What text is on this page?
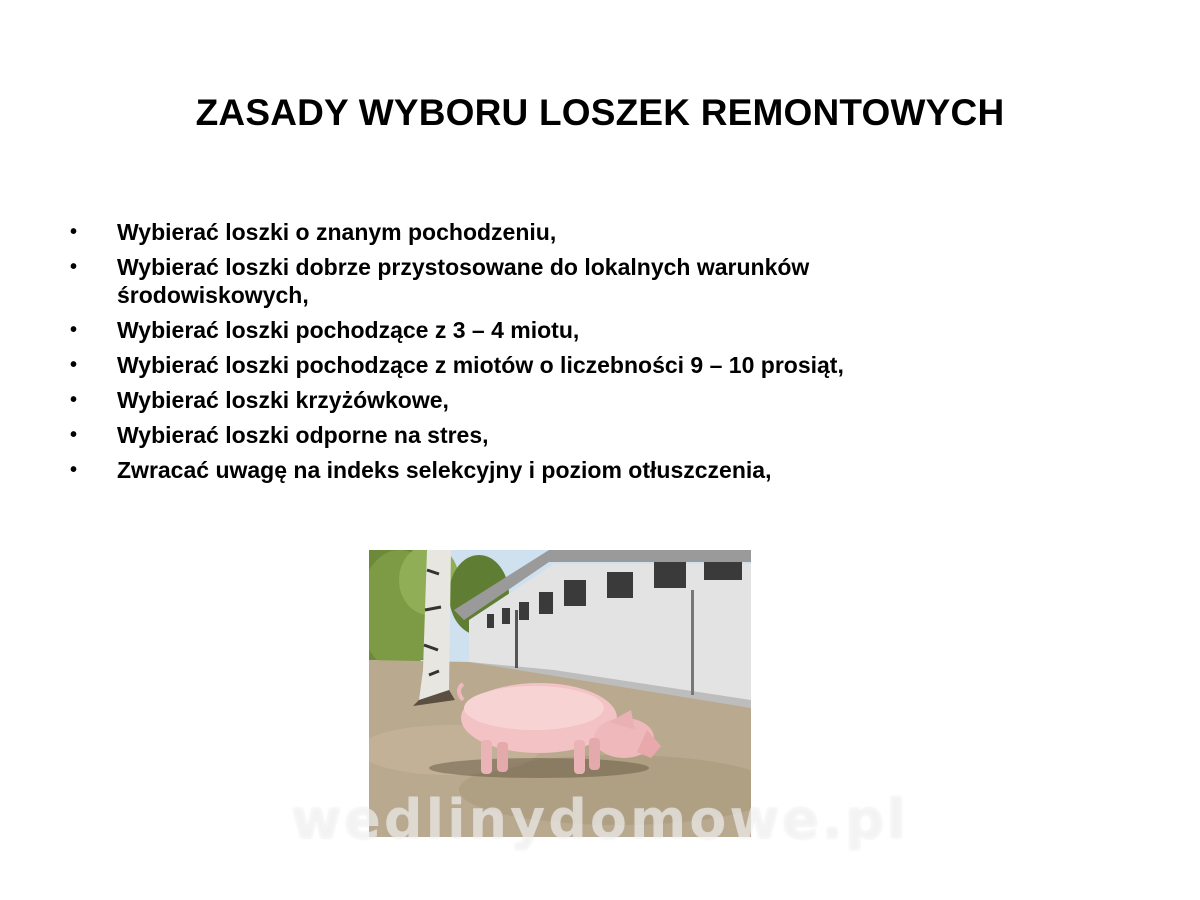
ZASADY WYBORU LOSZEK REMONTOWYCH
• Wybierać loszki o znanym pochodzeniu,
• Wybierać loszki dobrze przystosowane do lokalnych warunków środowiskowych,
• Wybierać loszki pochodzące z 3 – 4 miotu,
• Wybierać loszki pochodzące z miotów o liczebności 9 – 10 prosiąt,
• Wybierać loszki krzyżówkowe,
• Wybierać loszki odporne na stres,
• Zwracać uwagę na indeks selekcyjny i poziom otłuszczenia,
wedlinydomowe.pl
